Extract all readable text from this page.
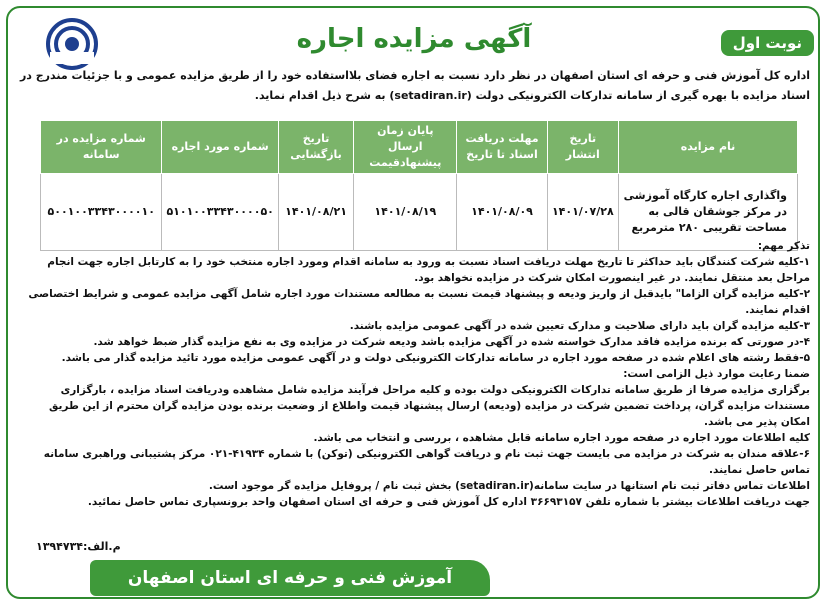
نوبت اول
آگهی مزایده اجاره
اداره کل آموزش فنی و حرفه ای استان اصفهان در نظر دارد نسبت به اجاره فضای بلااستفاده خود را از طریق مزایده عمومی و با جزئیات مندرج در اسناد مزایده با بهره گیری از سامانه تدارکات الکترونیکی دولت (setadiran.ir) به شرح ذیل اقدام نماید.
نام مزایده	تاریخ انتشار	مهلت دریافت اسناد تا تاریخ	پایان زمان ارسال پیشنهادقیمت	تاریخ بازگشایی	شماره مورد اجاره	شماره مزایده در سامانه
واگذاری اجاره کارگاه آموزشی در مرکز جوشقان قالی به مساحت تقریبی ۲۸۰ مترمربع	۱۴۰۱/۰۷/۲۸	۱۴۰۱/۰۸/۰۹	۱۴۰۱/۰۸/۱۹	۱۴۰۱/۰۸/۲۱	۵۱۰۱۰۰۳۳۴۳۰۰۰۰۵۰	۵۰۰۱۰۰۳۳۴۳۰۰۰۰۱۰

تذکر مهم:

۱-کلیه شرکت کنندگان باید حداکثر تا تاریخ مهلت دریافت اسناد نسبت به ورود به سامانه اقدام ومورد اجاره منتخب خود را به کارتابل اجاره جهت انجام مراحل بعد منتقل نمایند. در غیر اینصورت امکان شرکت در مزایده نخواهد بود.

۲-کلیه مزایده گران الزاما" بایدقبل از واریز ودیعه و پیشنهاد قیمت نسبت به مطالعه مستندات مورد اجاره شامل آگهی مزایده عمومی و شرایط اختصاصی اقدام نمایند.

۳-کلیه مزایده گران باید دارای صلاحیت و مدارک تعیین شده در آگهی عمومی مزایده باشند.

۴-در صورتی که برنده مزایده فاقد مدارک خواسته شده در آگهی مزایده باشد ودیعه شرکت در مزایده وی به نفع مزایده گذار ضبط خواهد شد.

۵-فقط رشته های اعلام شده در صفحه مورد اجاره در سامانه تدارکات الکترونیکی دولت و در آگهی عمومی مزایده مورد تائید مزایده گذار می باشد.

ضمنا رعایت موارد ذیل الزامی است:

برگزاری مزایده صرفا از طریق سامانه تدارکات الکترونیکی دولت بوده و کلیه مراحل فرآیند مزایده شامل مشاهده ودریافت اسناد مزایده ، بارگزاری مستندات مزایده گران، پرداخت تضمین شرکت در مزایده (ودیعه) ارسال پیشنهاد قیمت واطلاع از وضعیت برنده بودن مزایده گران محترم از این طریق امکان پذیر می باشد.

کلیه اطلاعات مورد اجاره در صفحه مورد اجاره سامانه قابل مشاهده ، بررسی و انتخاب می باشد.

۶-علاقه مندان به شرکت در مزایده می بایست جهت ثبت نام و دریافت گواهی الکترونیکی (توکن) با شماره ۴۱۹۳۴-۰۲۱ مرکز پشتیبانی وراهبری سامانه تماس حاصل نمایند.

اطلاعات تماس دفاتر ثبت نام استانها در سایت سامانه(setadiran.ir) بخش ثبت نام / پروفایل مزایده گر موجود است.

جهت دریافت اطلاعات بیشتر با شماره تلفن ۳۶۶۹۳۱۵۷ اداره کل آموزش فنی و حرفه ای استان اصفهان واحد برونسپاری تماس حاصل نمائید.

م.الف:۱۳۹۴۷۳۴
آموزش فنی و حرفه ای استان اصفهان
